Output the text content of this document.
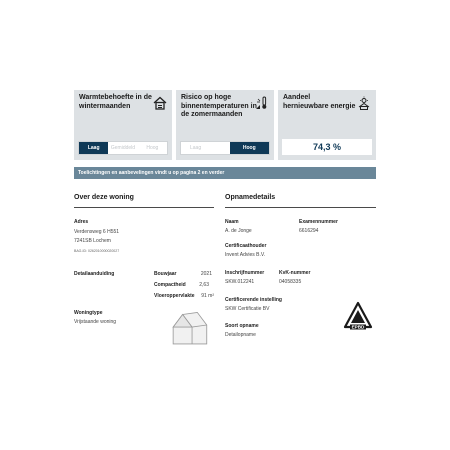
Warmtebehoefte in de wintermaanden
Laag	Gemiddeld	Hoog
Risico op hoge binnentemperaturen in de zomermaanden
Laag	Hoog
Aandeel hernieuwbare energie
74,3 %
Toelichtingen en aanbevelingen vindt u op pagina 2 en verder
Over deze woning
Adres
Verdensweg 6 H551
7241SB Lochem
BAG-ID: 0262010000020027
Detailaanduiding	Bouwjaar	2021
Compactheid	2,63
Vloeroppervlakte	91 m²
Woningtype
Vrijstaande woning
Opnamedetails
Naam
A. de Jonge
Examennummer
6616294
Certificaathouder
Invent Advies B.V.
Inschrijfnummer
SKW.012241
KvK-nummer
04058335
Certificerende instelling
SKW Certificatie BV
Soort opname
Detailopname
EPBD
